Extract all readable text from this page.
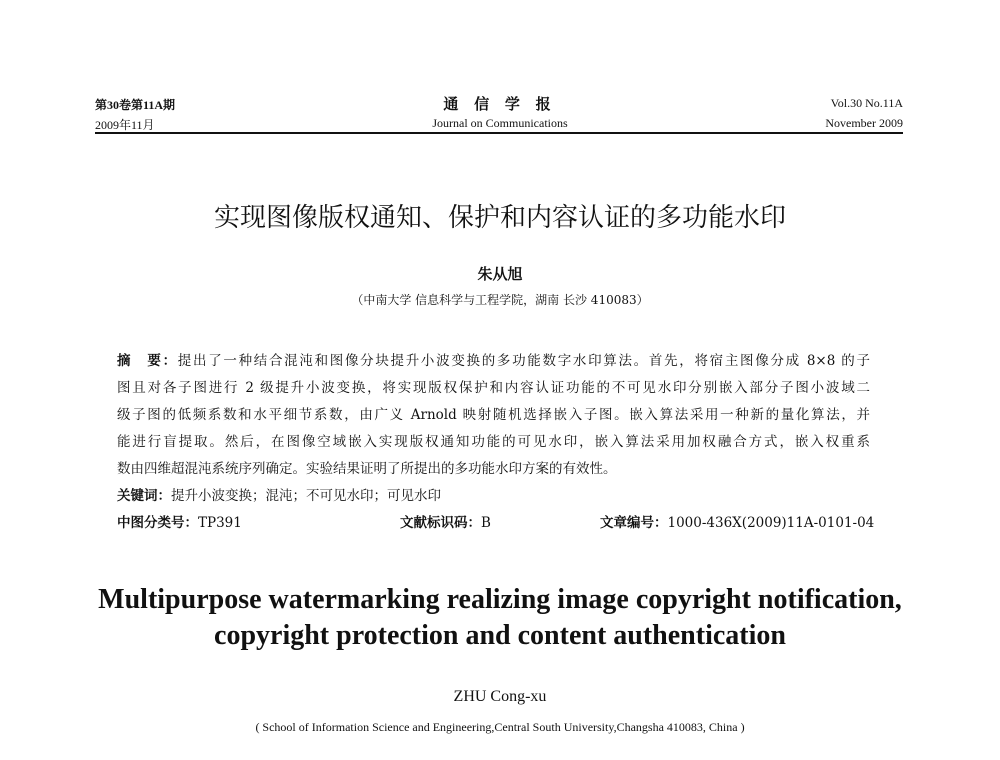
第30卷第11A期
2009年11月
通 信 学 报
Journal on Communications
Vol.30 No.11A
November 2009
实现图像版权通知、保护和内容认证的多功能水印
朱从旭
（中南大学 信息科学与工程学院，湖南 长沙 410083）
摘　要：提出了一种结合混沌和图像分块提升小波变换的多功能数字水印算法。首先，将宿主图像分成 8×8 的子
图且对各子图进行 2 级提升小波变换，将实现版权保护和内容认证功能的不可见水印分别嵌入部分子图小波域二
级子图的低频系数和水平细节系数，由广义 Arnold 映射随机选择嵌入子图。嵌入算法采用一种新的量化算法，并
能进行盲提取。然后，在图像空域嵌入实现版权通知功能的可见水印，嵌入算法采用加权融合方式，嵌入权重系
数由四维超混沌系统序列确定。实验结果证明了所提出的多功能水印方案的有效性。
关键词：提升小波变换；混沌；不可见水印；可见水印
中图分类号：TP391	文献标识码：B	文章编号：1000-436X(2009)11A-0101-04
Multipurpose watermarking realizing image copyright notification,
copyright protection and content authentication
ZHU Cong-xu
( School of Information Science and Engineering,Central South University,Changsha 410083, China )
